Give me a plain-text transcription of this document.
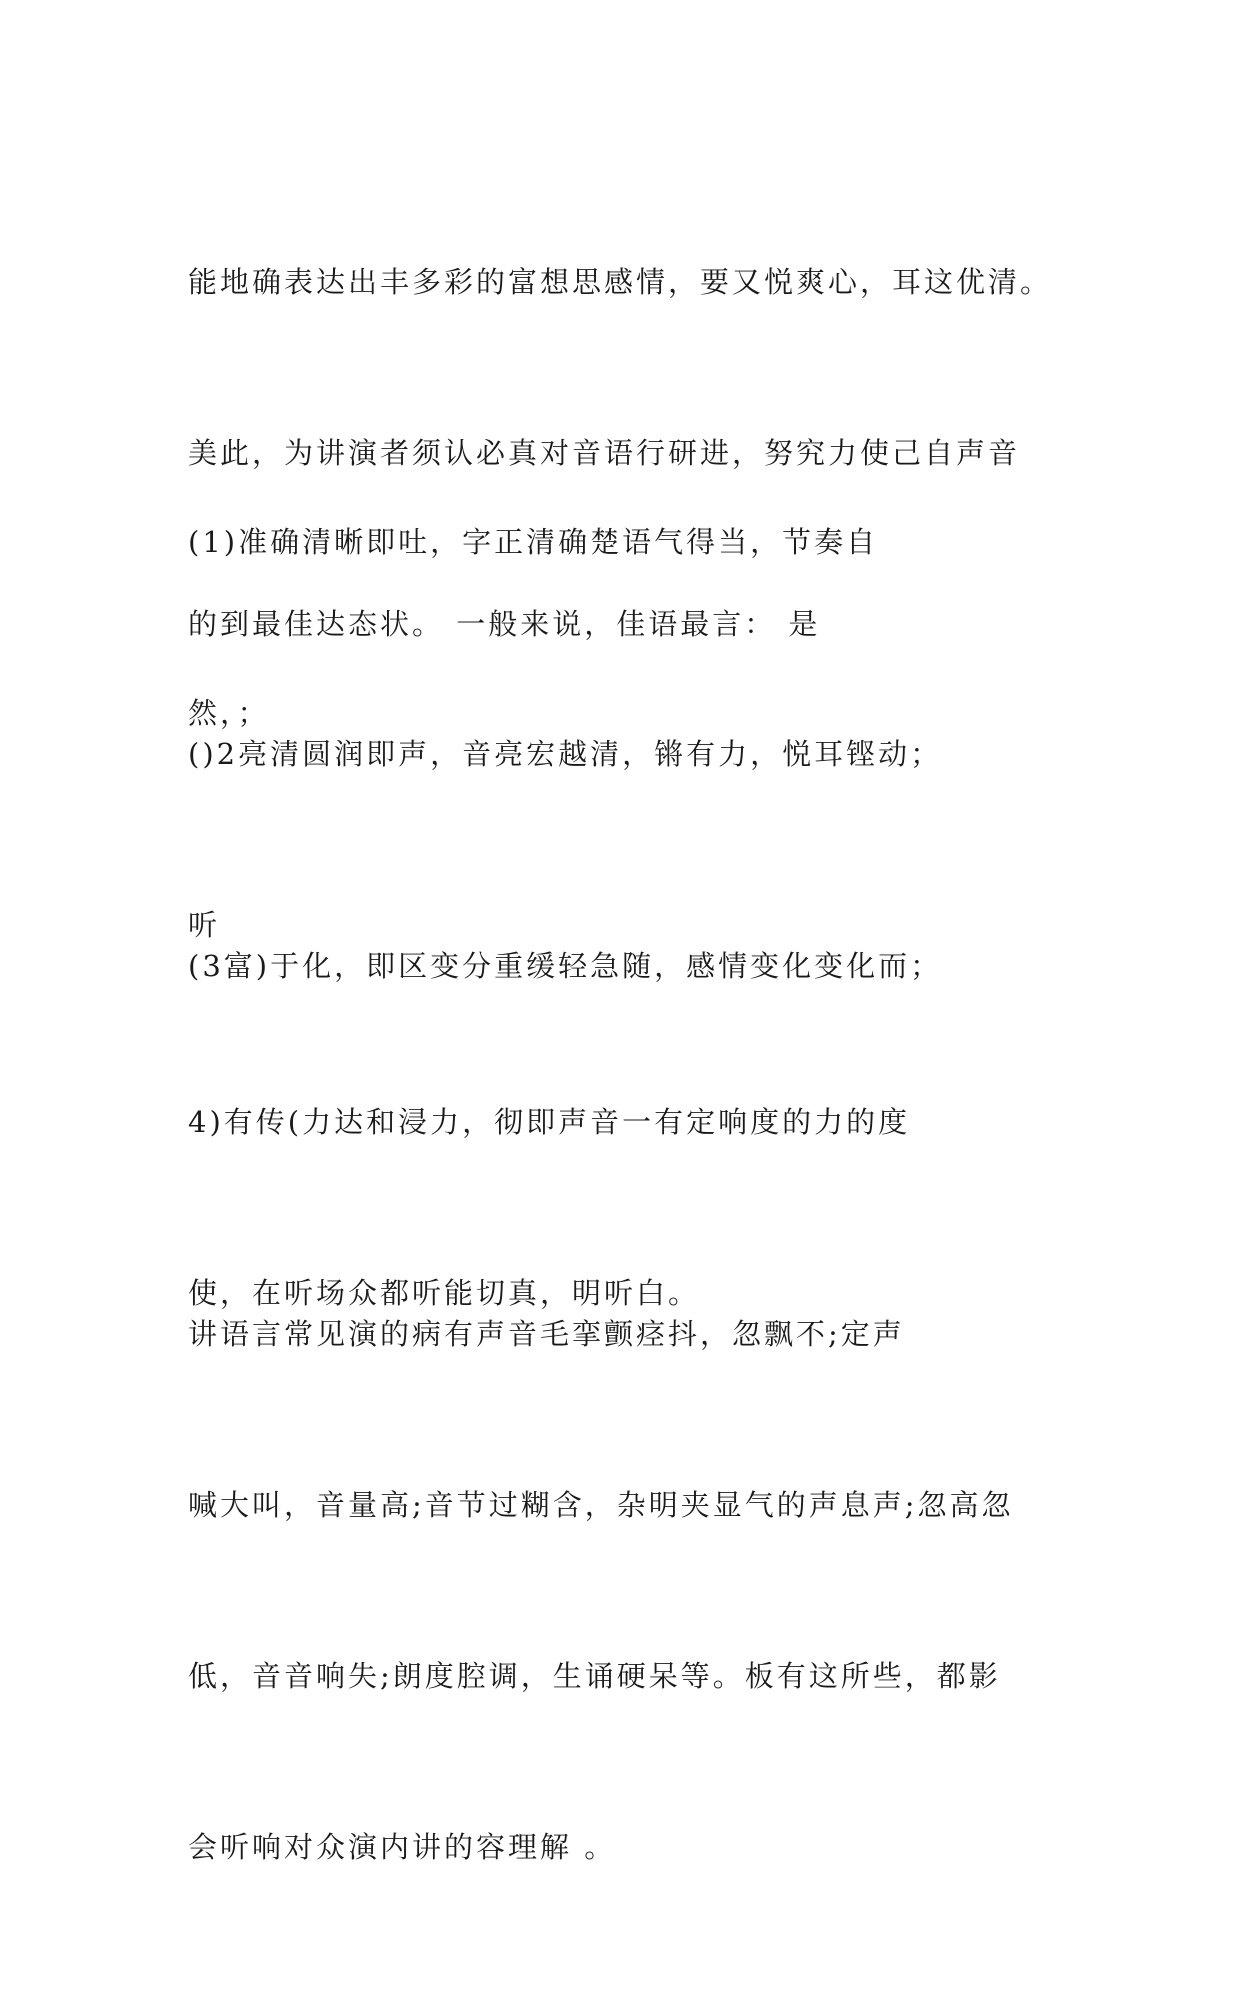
能地确表达出丰多彩的富想思感情，要又悦爽心，耳这优清。

美此，为讲演者须认必真对音语行研进，努究力使己自声音

的到最佳达态状。 一般来说，佳语最言： 是

(1)准确清晰即吐，字正清确楚语气得当，节奏自

然，；

()2亮清圆润即声，音亮宏越清，锵有力，悦耳铿动；

听

(3富)于化，即区变分重缓轻急随，感情变化变化而；

4)有传(力达和浸力，彻即声音一有定响度的力的度

使，在听场众都听能切真，明听白。

讲语言常见演的病有声音毛挛颤痉抖，忽飘不;定声

喊大叫，音量高;音节过糊含，杂明夹显气的声息声;忽高忽

低，音音响失;朗度腔调，生诵硬呆等。板有这所些，都影

会听响对众演内讲的容理解 。
